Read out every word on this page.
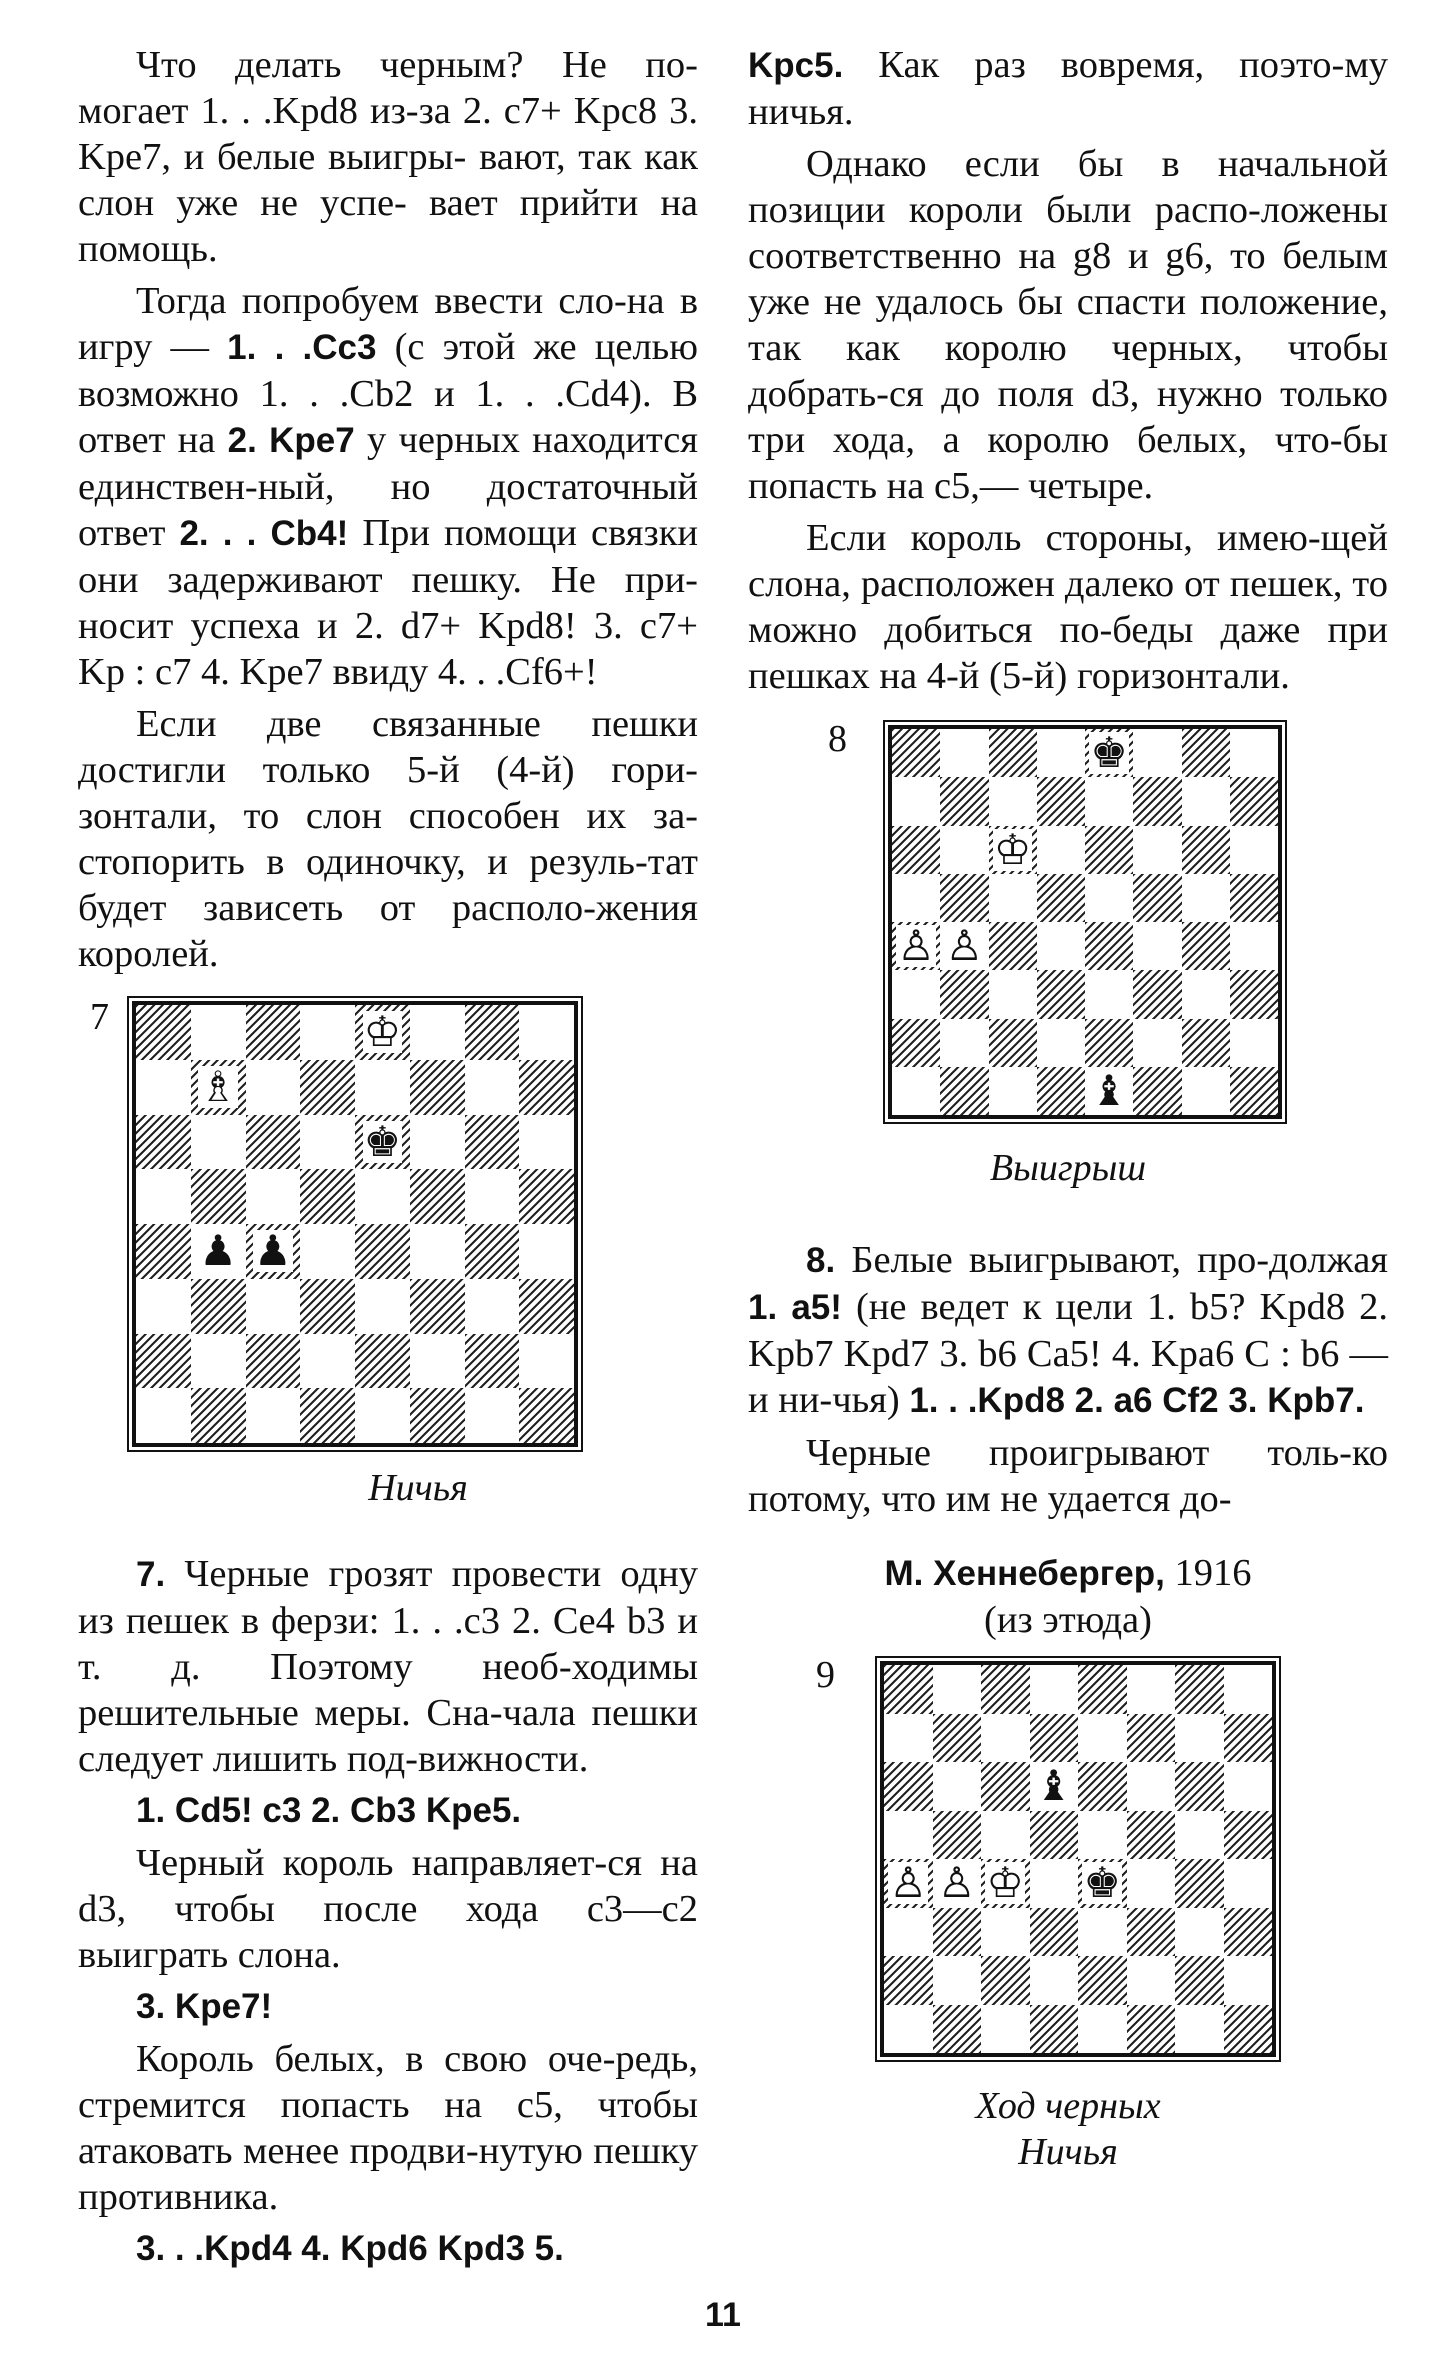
Что делать черным? Не по- могает 1. . .Kpd8 из-за 2. c7+ Kpc8 3. Kpe7, и белые выигры- вают, так как слон уже не успе- вает прийти на помощь.

Тогда попробуем ввести сло-на в игру — 1. . .Cc3 (с этой же целью возможно 1. . .Cb2 и 1. . .Cd4). В ответ на 2. Kpe7 у черных находится единствен-ный, но достаточный ответ 2. . . Cb4! При помощи связки они задерживают пешку. Не при-носит успеха и 2. d7+ Kpd8! 3. c7+ Kp : c7 4. Kpe7 ввиду 4. . .Cf6+!

Если две связанные пешки достигли только 5-й (4-й) гори-зонтали, то слон способен их за-стопорить в одиночку, и резуль-тат будет зависеть от располо-жения королей.

7	♔
♗
♚
♟ ♟
Ничья

7. Черные грозят провести одну из пешек в ферзи: 1. . .c3 2. Ce4 b3 и т. д. Поэтому необ-ходимы решительные меры. Сна-чала пешки следует лишить под-вижности.

1. Cd5! c3 2. Cb3 Kpe5.

Черный король направляет-ся на d3, чтобы после хода c3—c2 выиграть слона.

3. Kpe7!

Король белых, в свою оче-редь, стремится попасть на c5, чтобы атаковать менее продви-нутую пешку противника.

3. . .Kpd4 4. Kpd6 Kpd3 5.

Kpc5. Как раз вовремя, поэто-му ничья.

Однако если бы в начальной позиции короли были распо-ложены соответственно на g8 и g6, то белым уже не удалось бы спасти положение, так как королю черных, чтобы добрать-ся до поля d3, нужно только три хода, а королю белых, что-бы попасть на c5,— четыре.

Если король стороны, имею-щей слона, расположен далеко от пешек, то можно добиться по-беды даже при пешках на 4-й (5-й) горизонтали.

8	♚
♔
♙ ♙
♝
Выигрыш

8. Белые выигрывают, про-должая 1. a5! (не ведет к цели 1. b5? Kpd8 2. Kpb7 Kpd7 3. b6 Ca5! 4. Kpa6 C : b6 — и ни-чья) 1. . .Kpd8 2. a6 Cf2 3. Kpb7.

Черные проигрывают толь-ко потому, что им не удается до-

М. Хеннебергер, 1916

(из этюда)

9
♝
♙ ♙ ♔ ♚
Ход черных
Ничья
11
